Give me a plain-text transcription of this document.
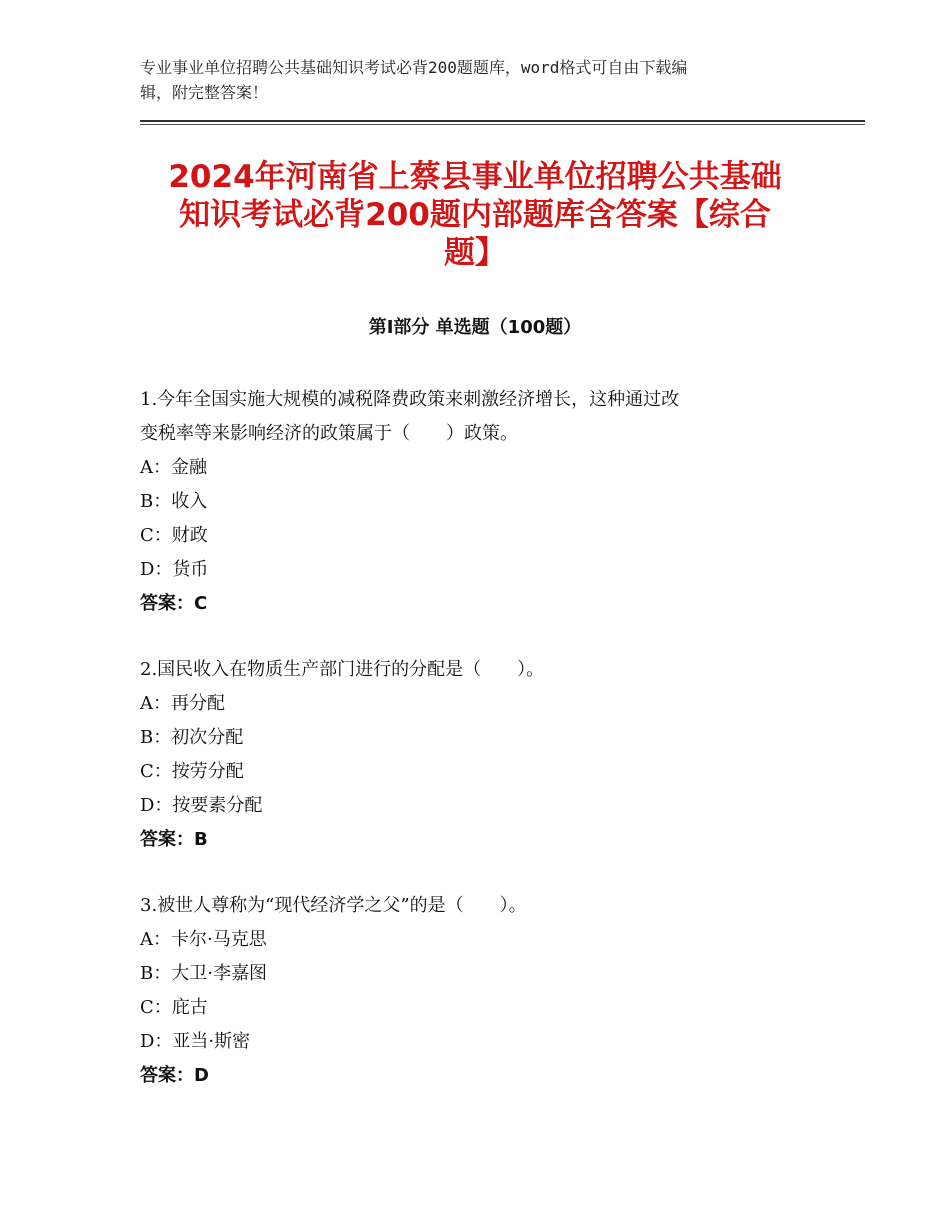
专业事业单位招聘公共基础知识考试必背200题题库，word格式可自由下载编
辑，附完整答案！
2024年河南省上蔡县事业单位招聘公共基础
知识考试必背200题内部题库含答案【综合
题】
第Ⅰ部分 单选题（100题）

1.今年全国实施大规模的减税降费政策来刺激经济增长，这种通过改

变税率等来影响经济的政策属于（　　）政策。

A：金融

B：收入

C：财政

D：货币

答案：C

2.国民收入在物质生产部门进行的分配是（　　）。

A：再分配

B：初次分配

C：按劳分配

D：按要素分配

答案：B

3.被世人尊称为“现代经济学之父”的是（　　）。

A：卡尔·马克思

B：大卫·李嘉图

C：庇古

D：亚当·斯密

答案：D
